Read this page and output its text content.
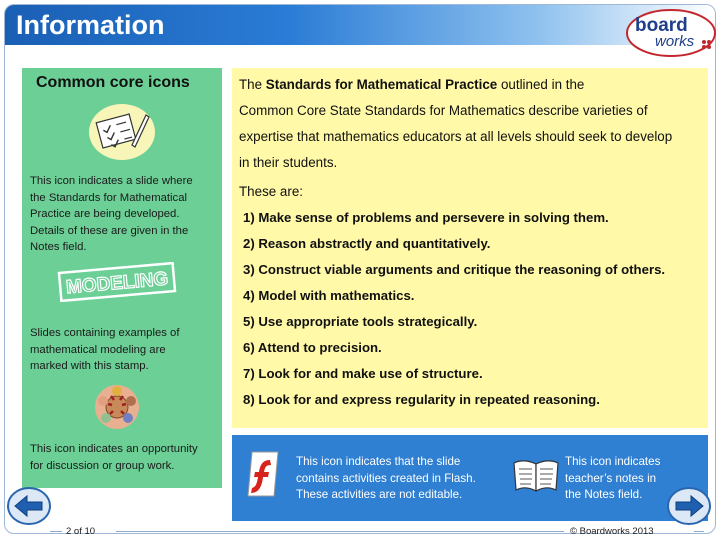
Information	board
works
Common core icons
This icon indicates a slide where
the Standards for Mathematical
Practice are being developed.
Details of these are given in the
Notes field.
MODELING
Slides containing examples of
mathematical modeling are
marked with this stamp.
This icon indicates an opportunity
for discussion or group work.
The Standards for Mathematical Practice outlined in the
Common Core State Standards for Mathematics describe varieties of
expertise that mathematics educators at all levels should seek to develop
in their students.
These are:
1) Make sense of problems and persevere in solving them.
2) Reason abstractly and quantitatively.
3) Construct viable arguments and critique the reasoning of others.
4) Model with mathematics.
5) Use appropriate tools strategically.
6) Attend to precision.
7) Look for and make use of structure.
8) Look for and express regularity in repeated reasoning.
This icon indicates that the slide
contains activities created in Flash.
These activities are not editable.
This icon indicates
teacher’s notes in
the Notes field.
2 of 10	© Boardworks 2013
